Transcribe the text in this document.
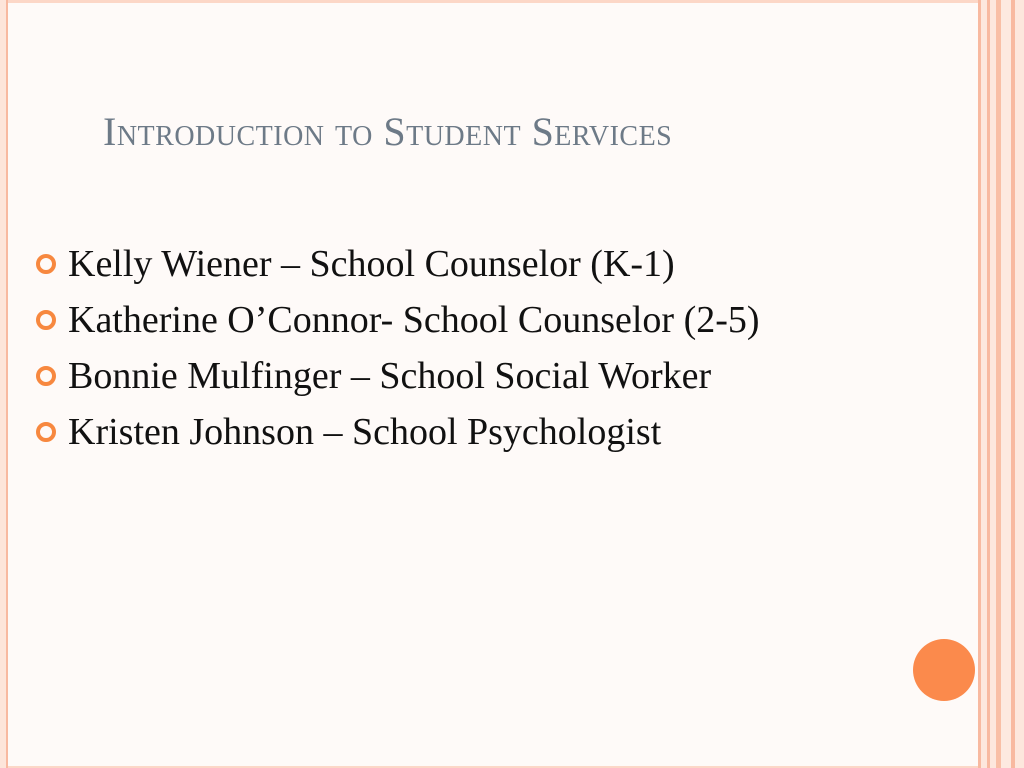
Introduction to Student Services
Kelly Wiener – School Counselor (K-1)
Katherine O’Connor- School Counselor (2-5)
Bonnie Mulfinger – School Social Worker
Kristen Johnson – School Psychologist
